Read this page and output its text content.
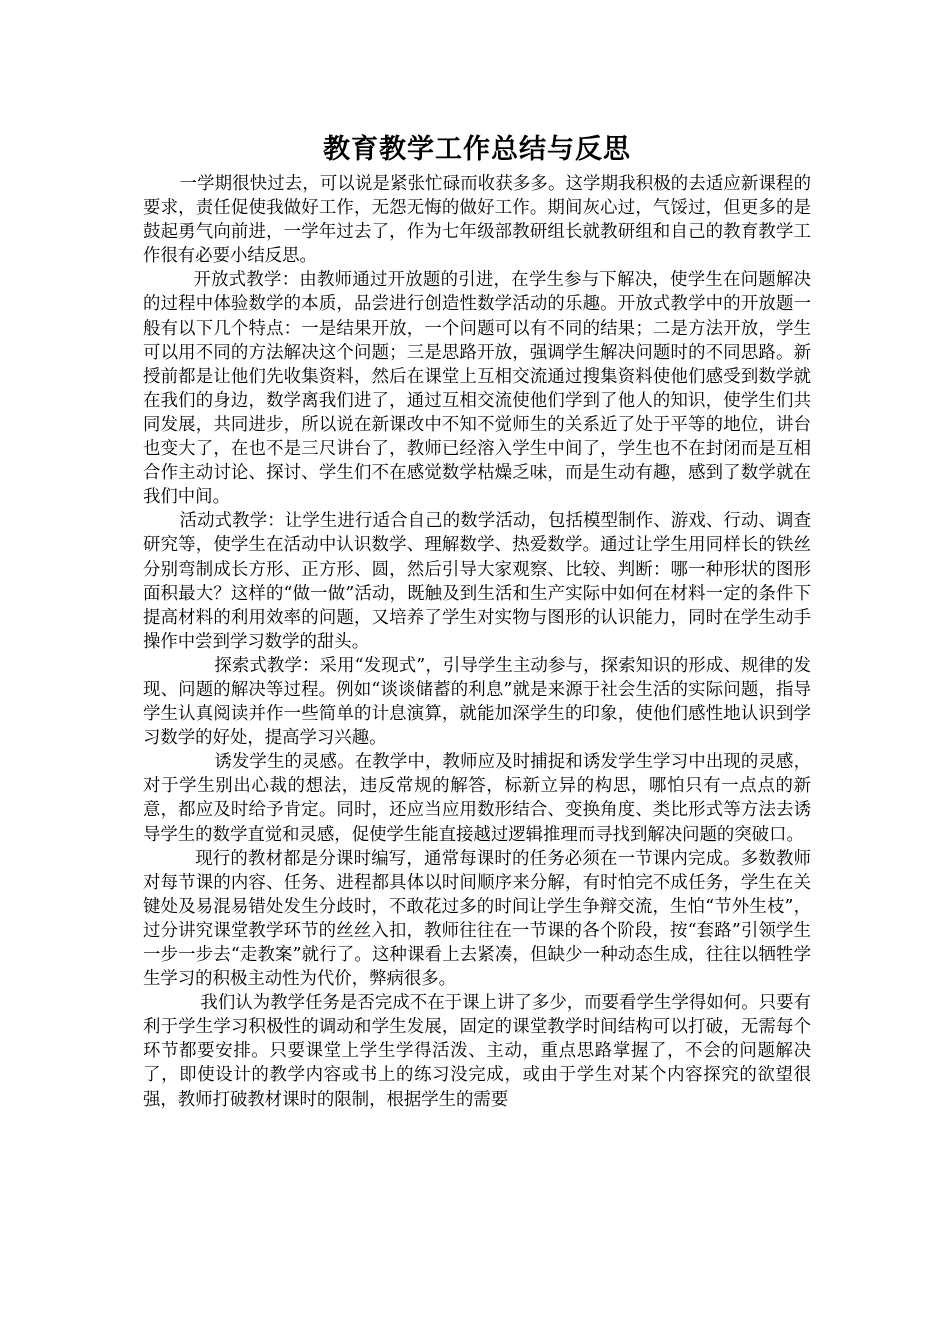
教育教学工作总结与反思

一学期很快过去，可以说是紧张忙碌而收获多多。这学期我积极的去适应新课程的要求，责任促使我做好工作，无怨无悔的做好工作。期间灰心过，气馁过，但更多的是鼓起勇气向前进，一学年过去了，作为七年级部教研组长就教研组和自己的教育教学工作很有必要小结反思。

开放式教学：由教师通过开放题的引进，在学生参与下解决，使学生在问题解决的过程中体验数学的本质，品尝进行创造性数学活动的乐趣。开放式教学中的开放题一般有以下几个特点：一是结果开放，一个问题可以有不同的结果；二是方法开放，学生可以用不同的方法解决这个问题；三是思路开放，强调学生解决问题时的不同思路。新授前都是让他们先收集资料，然后在课堂上互相交流通过搜集资料使他们感受到数学就在我们的身边，数学离我们进了，通过互相交流使他们学到了他人的知识，使学生们共同发展，共同进步，所以说在新课改中不知不觉师生的关系近了处于平等的地位，讲台也变大了，在也不是三尺讲台了，教师已经溶入学生中间了，学生也不在封闭而是互相合作主动讨论、探讨、学生们不在感觉数学枯燥乏味，而是生动有趣，感到了数学就在我们中间。

活动式教学：让学生进行适合自己的数学活动，包括模型制作、游戏、行动、调查研究等，使学生在活动中认识数学、理解数学、热爱数学。通过让学生用同样长的铁丝分别弯制成长方形、正方形、圆，然后引导大家观察、比较、判断：哪一种形状的图形面积最大？这样的“做一做”活动，既触及到生活和生产实际中如何在材料一定的条件下提高材料的利用效率的问题，又培养了学生对实物与图形的认识能力，同时在学生动手操作中尝到学习数学的甜头。

探索式教学：采用“发现式”，引导学生主动参与，探索知识的形成、规律的发现、问题的解决等过程。例如“谈谈储蓄的利息”就是来源于社会生活的实际问题，指导学生认真阅读并作一些简单的计息演算，就能加深学生的印象，使他们感性地认识到学习数学的好处，提高学习兴趣。

诱发学生的灵感。在教学中，教师应及时捕捉和诱发学生学习中出现的灵感，对于学生别出心裁的想法，违反常规的解答，标新立异的构思，哪怕只有一点点的新意，都应及时给予肯定。同时，还应当应用数形结合、变换角度、类比形式等方法去诱导学生的数学直觉和灵感，促使学生能直接越过逻辑推理而寻找到解决问题的突破口。

现行的教材都是分课时编写，通常每课时的任务必须在一节课内完成。多数教师对每节课的内容、任务、进程都具体以时间顺序来分解，有时怕完不成任务，学生在关键处及易混易错处发生分歧时，不敢花过多的时间让学生争辩交流，生怕“节外生枝”，过分讲究课堂教学环节的丝丝入扣，教师往往在一节课的各个阶段，按“套路”引领学生一步一步去“走教案”就行了。这种课看上去紧凑，但缺少一种动态生成，往往以牺牲学生学习的积极主动性为代价，弊病很多。

我们认为教学任务是否完成不在于课上讲了多少，而要看学生学得如何。只要有利于学生学习积极性的调动和学生发展，固定的课堂教学时间结构可以打破，无需每个环节都要安排。只要课堂上学生学得活泼、主动，重点思路掌握了，不会的问题解决了，即使设计的教学内容或书上的练习没完成，或由于学生对某个内容探究的欲望很强，教师打破教材课时的限制，根据学生的需要
